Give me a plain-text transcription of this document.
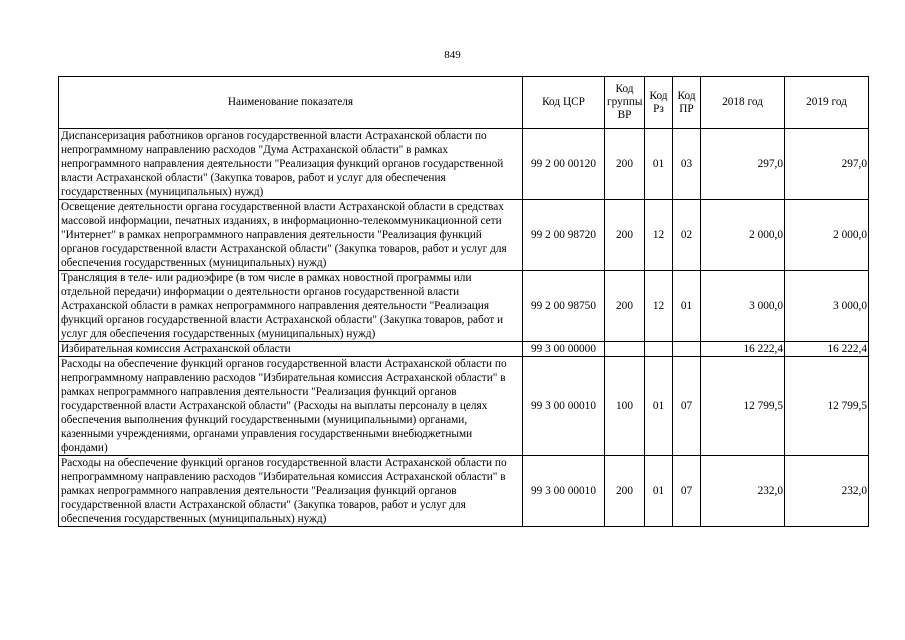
849
Наименование показателя	Код ЦСР	Код группы ВР	Код Рз	Код ПР	2018 год	2019 год
Диспансеризация работников органов государственной власти Астраханской области по непрограммному направлению расходов "Дума Астраханской области" в рамках непрограммного направления деятельности "Реализация функций органов государственной власти Астраханской области" (Закупка товаров, работ и услуг для обеспечения государственных (муниципальных) нужд)	99 2 00 00120	200	01	03	297,0	297,0
Освещение деятельности органа государственной власти Астраханской области в средствах массовой информации, печатных изданиях, в информационно-телекоммуникационной сети "Интернет" в рамках непрограммного направления деятельности "Реализация функций органов государственной власти Астраханской области" (Закупка товаров, работ и услуг для обеспечения государственных (муниципальных) нужд)	99 2 00 98720	200	12	02	2 000,0	2 000,0
Трансляция в теле- или радиоэфире (в том числе в рамках новостной программы или отдельной передачи) информации о деятельности органов государственной власти Астраханской области в рамках непрограммного направления деятельности "Реализация функций органов государственной власти Астраханской области" (Закупка товаров, работ и услуг для обеспечения государственных (муниципальных) нужд)	99 2 00 98750	200	12	01	3 000,0	3 000,0
Избирательная комиссия Астраханской области	99 3 00 00000				16 222,4	16 222,4
Расходы на обеспечение функций органов государственной власти Астраханской области по непрограммному направлению расходов "Избирательная комиссия Астраханской области" в рамках непрограммного направления деятельности "Реализация функций органов государственной власти Астраханской области" (Расходы на выплаты персоналу в целях обеспечения выполнения функций государственными (муниципальными) органами, казенными учреждениями, органами управления государственными внебюджетными фондами)	99 3 00 00010	100	01	07	12 799,5	12 799,5
Расходы на обеспечение функций органов государственной власти Астраханской области по непрограммному направлению расходов "Избирательная комиссия Астраханской области" в рамках непрограммного направления деятельности "Реализация функций органов государственной власти Астраханской области" (Закупка товаров, работ и услуг для обеспечения государственных (муниципальных) нужд)	99 3 00 00010	200	01	07	232,0	232,0
